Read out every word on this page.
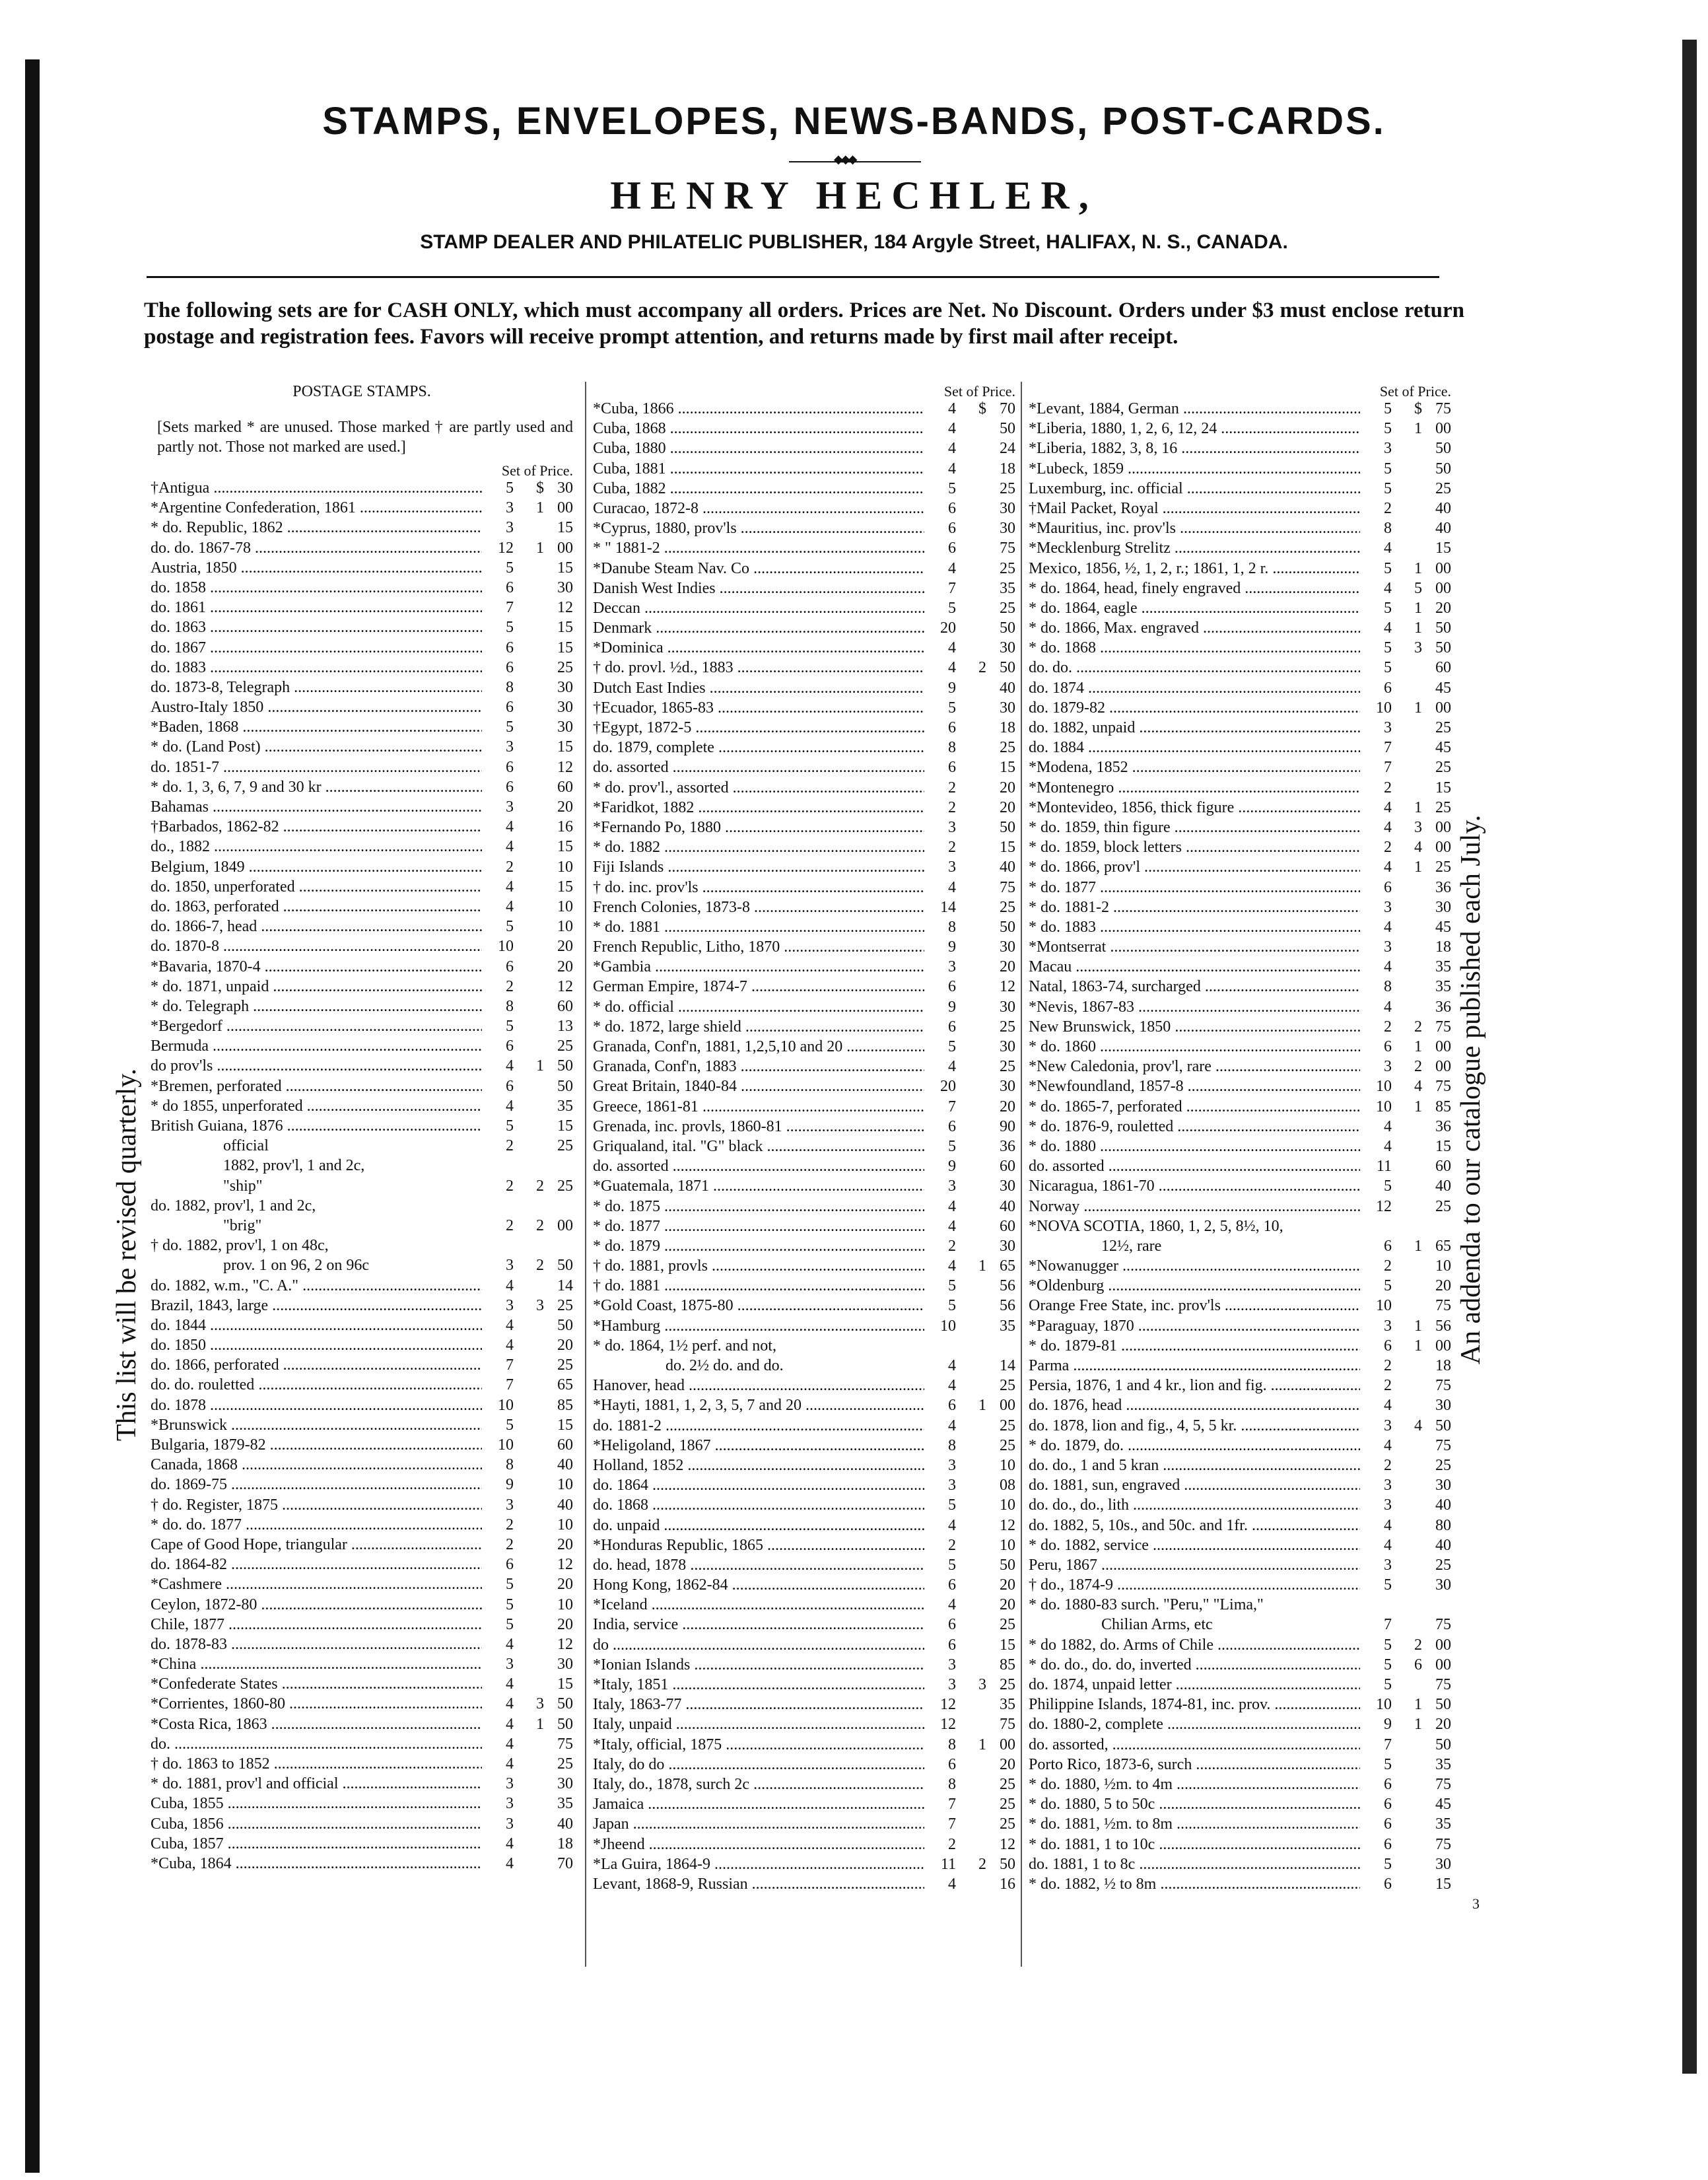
STAMPS, ENVELOPES, NEWS-BANDS, POST-CARDS.
◆◆◆
HENRY HECHLER,
STAMP DEALER AND PHILATELIC PUBLISHER, 184 Argyle Street, HALIFAX, N. S., CANADA.
The following sets are for CASH ONLY, which must accompany all orders. Prices are Net. No Discount. Orders under $3 must enclose return postage and registration fees. Favors will receive prompt attention, and returns made by first mail after receipt.
This list will be revised quarterly.	An addenda to our catalogue published each July.
POSTAGE STAMPS.
[Sets marked * are unused. Those marked † are partly used and partly not. Those not marked are used.]
Set of Price.
†Antigua .....	5	$ 30
*Argentine Confederation, 1861 .....	3	1 00
* do. Republic, 1862 .....	3	15
do. do. 1867-78 .....	12	1 00
Austria, 1850 .....	5	15
do. 1858 .....	6	30
do. 1861 .....	7	12
do. 1863 .....	5	15
do. 1867 .....	6	15
do. 1883 .....	6	25
do. 1873-8, Telegraph .....	8	30
Austro-Italy 1850 .....	6	30
*Baden, 1868 .....	5	30
* do. (Land Post) .....	3	15
do. 1851-7 .....	6	12
* do. 1, 3, 6, 7, 9 and 30 kr .....	6	60
Bahamas .....	3	20
†Barbados, 1862-82 .....	4	16
do., 1882 .....	4	15
Belgium, 1849 .....	2	10
do. 1850, unperforated .....	4	15
do. 1863, perforated .....	4	10
do. 1866-7, head .....	5	10
do. 1870-8 .....	10	20
*Bavaria, 1870-4 .....	6	20
* do. 1871, unpaid .....	2	12
* do. Telegraph .....	8	60
*Bergedorf .....	5	13
Bermuda .....	6	25
do prov'ls .....	4	1 50
*Bremen, perforated .....	6	50
* do 1855, unperforated .....	4	35
British Guiana, 1876 .....	5	15
official	2	25
1882, prov'l, 1 and 2c,
"ship"	2	2 25
do. 1882, prov'l, 1 and 2c,
"brig"	2	2 00
† do. 1882, prov'l, 1 on 48c,
prov. 1 on 96, 2 on 96c	3	2 50
do. 1882, w.m., "C. A." .....	4	14
Brazil, 1843, large .....	3	3 25
do. 1844 .....	4	50
do. 1850 .....	4	20
do. 1866, perforated .....	7	25
do. do. rouletted .....	7	65
do. 1878 .....	10	85
*Brunswick .....	5	15
Bulgaria, 1879-82 .....	10	60
Canada, 1868 .....	8	40
do. 1869-75 .....	9	10
† do. Register, 1875 .....	3	40
* do. do. 1877 .....	2	10
Cape of Good Hope, triangular .....	2	20
do. 1864-82 .....	6	12
*Cashmere .....	5	20
Ceylon, 1872-80 .....	5	10
Chile, 1877 .....	5	20
do. 1878-83 .....	4	12
*China .....	3	30
*Confederate States .....	4	15
*Corrientes, 1860-80 .....	4	3 50
*Costa Rica, 1863 .....	4	1 50
do. .....	4	75
† do. 1863 to 1852 .....	4	25
* do. 1881, prov'l and official .....	3	30
Cuba, 1855 .....	3	35
Cuba, 1856 .....	3	40
Cuba, 1857 .....	4	18
*Cuba, 1864 .....	4	70
Set of Price.
*Cuba, 1866 .....	4	$ 70
Cuba, 1868 .....	4	50
Cuba, 1880 .....	4	24
Cuba, 1881 .....	4	18
Cuba, 1882 .....	5	25
Curacao, 1872-8 .....	6	30
*Cyprus, 1880, prov'ls .....	6	30
* " 1881-2 .....	6	75
*Danube Steam Nav. Co .....	4	25
Danish West Indies .....	7	35
Deccan .....	5	25
Denmark .....	20	50
*Dominica .....	4	30
† do. provl. ½d., 1883 .....	4	2 50
Dutch East Indies .....	9	40
†Ecuador, 1865-83 .....	5	30
†Egypt, 1872-5 .....	6	18
do. 1879, complete .....	8	25
do. assorted .....	6	15
* do. prov'l., assorted .....	2	20
*Faridkot, 1882 .....	2	20
*Fernando Po, 1880 .....	3	50
* do. 1882 .....	2	15
Fiji Islands .....	3	40
† do. inc. prov'ls .....	4	75
French Colonies, 1873-8 .....	14	25
* do. 1881 .....	8	50
French Republic, Litho, 1870 .....	9	30
*Gambia .....	3	20
German Empire, 1874-7 .....	6	12
* do. official .....	9	30
* do. 1872, large shield .....	6	25
Granada, Conf'n, 1881, 1,2,5,10 and 20 .....	5	30
Granada, Conf'n, 1883 .....	4	25
Great Britain, 1840-84 .....	20	30
Greece, 1861-81 .....	7	20
Grenada, inc. provls, 1860-81 .....	6	90
Griqualand, ital. "G" black .....	5	36
do. assorted .....	9	60
*Guatemala, 1871 .....	3	30
* do. 1875 .....	4	40
* do. 1877 .....	4	60
* do. 1879 .....	2	30
† do. 1881, provls .....	4	1 65
† do. 1881 .....	5	56
*Gold Coast, 1875-80 .....	5	56
*Hamburg .....	10	35
* do. 1864, 1½ perf. and not,
do. 2½ do. and do.	4	14
Hanover, head .....	4	25
*Hayti, 1881, 1, 2, 3, 5, 7 and 20 .....	6	1 00
do. 1881-2 .....	4	25
*Heligoland, 1867 .....	8	25
Holland, 1852 .....	3	10
do. 1864 .....	3	08
do. 1868 .....	5	10
do. unpaid .....	4	12
*Honduras Republic, 1865 .....	2	10
do. head, 1878 .....	5	50
Hong Kong, 1862-84 .....	6	20
*Iceland .....	4	20
India, service .....	6	25
do .....	6	15
*Ionian Islands .....	3	85
*Italy, 1851 .....	3	3 25
Italy, 1863-77 .....	12	35
Italy, unpaid .....	12	75
*Italy, official, 1875 .....	8	1 00
Italy, do do .....	6	20
Italy, do., 1878, surch 2c .....	8	25
Jamaica .....	7	25
Japan .....	7	25
*Jheend .....	2	12
*La Guira, 1864-9 .....	11	2 50
Levant, 1868-9, Russian .....	4	16
Set of Price.
*Levant, 1884, German .....	5	$ 75
*Liberia, 1880, 1, 2, 6, 12, 24 .....	5	1 00
*Liberia, 1882, 3, 8, 16 .....	3	50
*Lubeck, 1859 .....	5	50
Luxemburg, inc. official .....	5	25
†Mail Packet, Royal .....	2	40
*Mauritius, inc. prov'ls .....	8	40
*Mecklenburg Strelitz .....	4	15
Mexico, 1856, ½, 1, 2, r.; 1861, 1, 2 r. .....	5	1 00
* do. 1864, head, finely engraved .....	4	5 00
* do. 1864, eagle .....	5	1 20
* do. 1866, Max. engraved .....	4	1 50
* do. 1868 .....	5	3 50
do. do. .....	5	60
do. 1874 .....	6	45
do. 1879-82 .....	10	1 00
do. 1882, unpaid .....	3	25
do. 1884 .....	7	45
*Modena, 1852 .....	7	25
*Montenegro .....	2	15
*Montevideo, 1856, thick figure .....	4	1 25
* do. 1859, thin figure .....	4	3 00
* do. 1859, block letters .....	2	4 00
* do. 1866, prov'l .....	4	1 25
* do. 1877 .....	6	36
* do. 1881-2 .....	3	30
* do. 1883 .....	4	45
*Montserrat .....	3	18
Macau .....	4	35
Natal, 1863-74, surcharged .....	8	35
*Nevis, 1867-83 .....	4	36
New Brunswick, 1850 .....	2	2 75
* do. 1860 .....	6	1 00
*New Caledonia, prov'l, rare .....	3	2 00
*Newfoundland, 1857-8 .....	10	4 75
* do. 1865-7, perforated .....	10	1 85
* do. 1876-9, rouletted .....	4	36
* do. 1880 .....	4	15
do. assorted .....	11	60
Nicaragua, 1861-70 .....	5	40
Norway .....	12	25
*NOVA SCOTIA, 1860, 1, 2, 5, 8½, 10,
12½, rare	6	1 65
*Nowanugger .....	2	10
*Oldenburg .....	5	20
Orange Free State, inc. prov'ls .....	10	75
*Paraguay, 1870 .....	3	1 56
* do. 1879-81 .....	6	1 00
Parma .....	2	18
Persia, 1876, 1 and 4 kr., lion and fig. .....	2	75
do. 1876, head .....	4	30
do. 1878, lion and fig., 4, 5, 5 kr. .....	3	4 50
* do. 1879, do. .....	4	75
do. do., 1 and 5 kran .....	2	25
do. 1881, sun, engraved .....	3	30
do. do., do., lith .....	3	40
do. 1882, 5, 10s., and 50c. and 1fr. .....	4	80
* do. 1882, service .....	4	40
Peru, 1867 .....	3	25
† do., 1874-9 .....	5	30
* do. 1880-83 surch. "Peru," "Lima,"
Chilian Arms, etc	7	75
* do 1882, do. Arms of Chile .....	5	2 00
* do. do., do. do, inverted .....	5	6 00
do. 1874, unpaid letter .....	5	75
Philippine Islands, 1874-81, inc. prov. .....	10	1 50
do. 1880-2, complete .....	9	1 20
do. assorted, .....	7	50
Porto Rico, 1873-6, surch .....	5	35
* do. 1880, ½m. to 4m .....	6	75
* do. 1880, 5 to 50c .....	6	45
* do. 1881, ½m. to 8m .....	6	35
* do. 1881, 1 to 10c .....	6	75
do. 1881, 1 to 8c .....	5	30
* do. 1882, ½ to 8m .....	6	15
3
